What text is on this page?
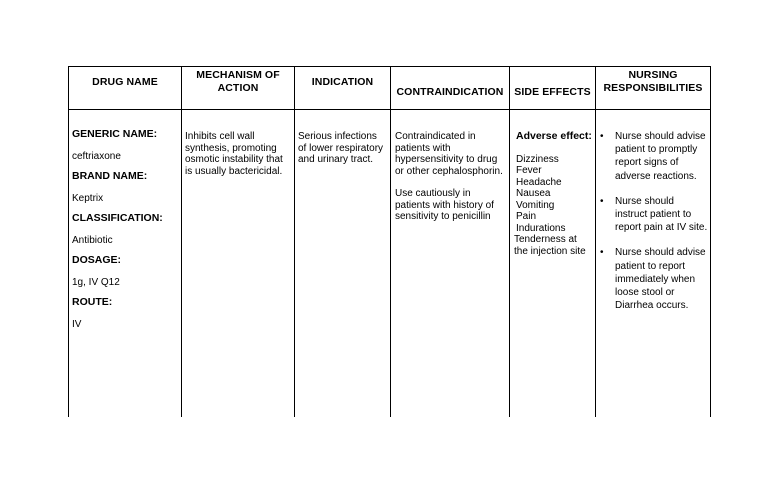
DRUG NAME
MECHANISM OF
ACTION	INDICATION
CONTRAINDICATION	SIDE EFFECTS
NURSING
RESPONSIBILITIES
GENERIC NAME:
ceftriaxone
BRAND NAME:
Keptrix
CLASSIFICATION:
Antibiotic
DOSAGE:
1g, IV Q12
ROUTE:
IV
Inhibits cell wall
synthesis, promoting
osmotic instability that
is usually bactericidal.
Serious infections
of lower respiratory
and urinary tract.
Contraindicated in
patients with
hypersensitivity to drug
or other cephalosphorin.
Use cautiously in
patients with history of
sensitivity to penicillin
Adverse effect:
Dizziness
Fever
Headache
Nausea
Vomiting
Pain
Indurations
Tenderness at
the injection site
• Nurse should advise
patient to promptly
report signs of
adverse reactions.
• Nurse should
instruct patient to
report pain at IV site.
• Nurse should advise
patient to report
immediately when
loose stool or
Diarrhea occurs.
